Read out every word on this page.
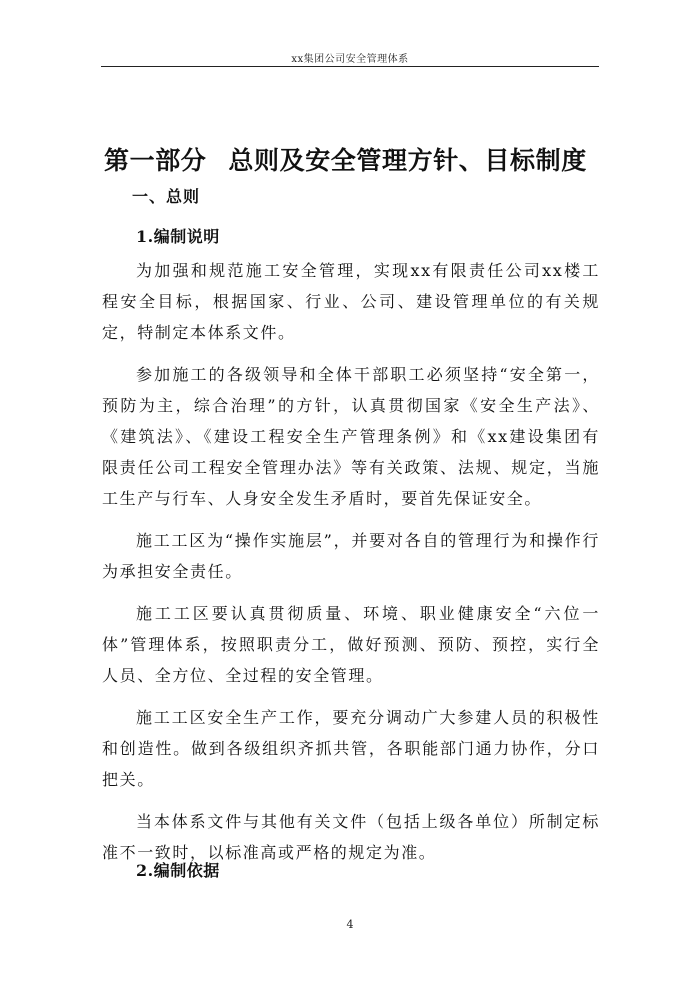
xx集团公司安全管理体系
第一部分 总则及安全管理方针、目标制度
一、总则
1.编制说明

为加强和规范施工安全管理，实现xx有限责任公司xx楼工程安全目标，根据国家、行业、公司、建设管理单位的有关规定，特制定本体系文件。

参加施工的各级领导和全体干部职工必须坚持“安全第一，预防为主，综合治理”的方针，认真贯彻国家《安全生产法》、《建筑法》、《建设工程安全生产管理条例》和《xx建设集团有限责任公司工程安全管理办法》等有关政策、法规、规定，当施工生产与行车、人身安全发生矛盾时，要首先保证安全。

施工工区为“操作实施层”，并要对各自的管理行为和操作行为承担安全责任。

施工工区要认真贯彻质量、环境、职业健康安全“六位一体”管理体系，按照职责分工，做好预测、预防、预控，实行全人员、全方位、全过程的安全管理。

施工工区安全生产工作，要充分调动广大参建人员的积极性和创造性。做到各级组织齐抓共管，各职能部门通力协作，分口把关。

当本体系文件与其他有关文件（包括上级各单位）所制定标准不一致时，以标准高或严格的规定为准。

2.编制依据
4
